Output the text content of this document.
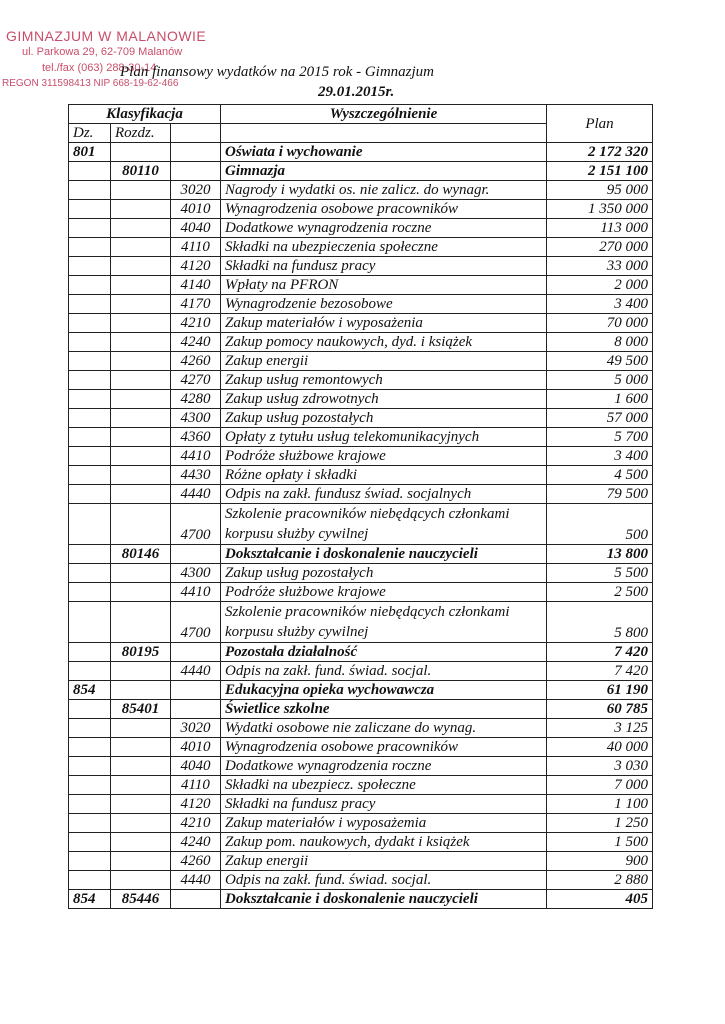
GIMNAZJUM W MALANOWIE
ul. Parkowa 29, 62-709 Malanów
tel./fax (063) 288-30-14
REGON 311598413 NIP 668-19-62-466
Plan finansowy wydatków na 2015 rok - Gimnazjum
29.01.2015r.
Klasyfikacja			Wyszczególnienie	Plan
Dz.	Rozdz.			
801			Oświata i wychowanie	2 172 320
	80110		Gimnazja	2 151 100
		3020	Nagrody i wydatki os. nie zalicz. do wynagr.	95 000
		4010	Wynagrodzenia osobowe pracowników	1 350 000
		4040	Dodatkowe wynagrodzenia roczne	113 000
		4110	Składki na ubezpieczenia społeczne	270 000
		4120	Składki na fundusz pracy	33 000
		4140	Wpłaty na PFRON	2 000
		4170	Wynagrodzenie bezosobowe	3 400
		4210	Zakup materiałów i wyposażenia	70 000
		4240	Zakup pomocy naukowych, dyd. i książek	8 000
		4260	Zakup energii	49 500
		4270	Zakup usług remontowych	5 000
		4280	Zakup usług zdrowotnych	1 600
		4300	Zakup usług pozostałych	57 000
		4360	Opłaty z tytułu usług telekomunikacyjnych	5 700
		4410	Podróże służbowe krajowe	3 400
		4430	Różne opłaty i składki	4 500
		4440	Odpis na zakł. fundusz świad. socjalnych	79 500
		4700	Szkolenie pracowników niebędących członkami korpusu służby cywilnej	500
	80146		Dokształcanie i doskonalenie nauczycieli	13 800
		4300	Zakup usług pozostałych	5 500
		4410	Podróże służbowe krajowe	2 500
		4700	Szkolenie pracowników niebędących członkami korpusu służby cywilnej	5 800
	80195		Pozostała działalność	7 420
		4440	Odpis na zakł. fund. świad. socjal.	7 420
854			Edukacyjna opieka wychowawcza	61 190
	85401		Świetlice szkolne	60 785
		3020	Wydatki osobowe nie zaliczane do wynag.	3 125
		4010	Wynagrodzenia osobowe pracowników	40 000
		4040	Dodatkowe wynagrodzenia roczne	3 030
		4110	Składki na ubezpiecz. społeczne	7 000
		4120	Składki na fundusz pracy	1 100
		4210	Zakup materiałów i wyposażemia	1 250
		4240	Zakup pom. naukowych, dydakt i książek	1 500
		4260	Zakup energii	900
		4440	Odpis na zakł. fund. świad. socjal.	2 880
854	85446		Dokształcanie i doskonalenie nauczycieli	405
